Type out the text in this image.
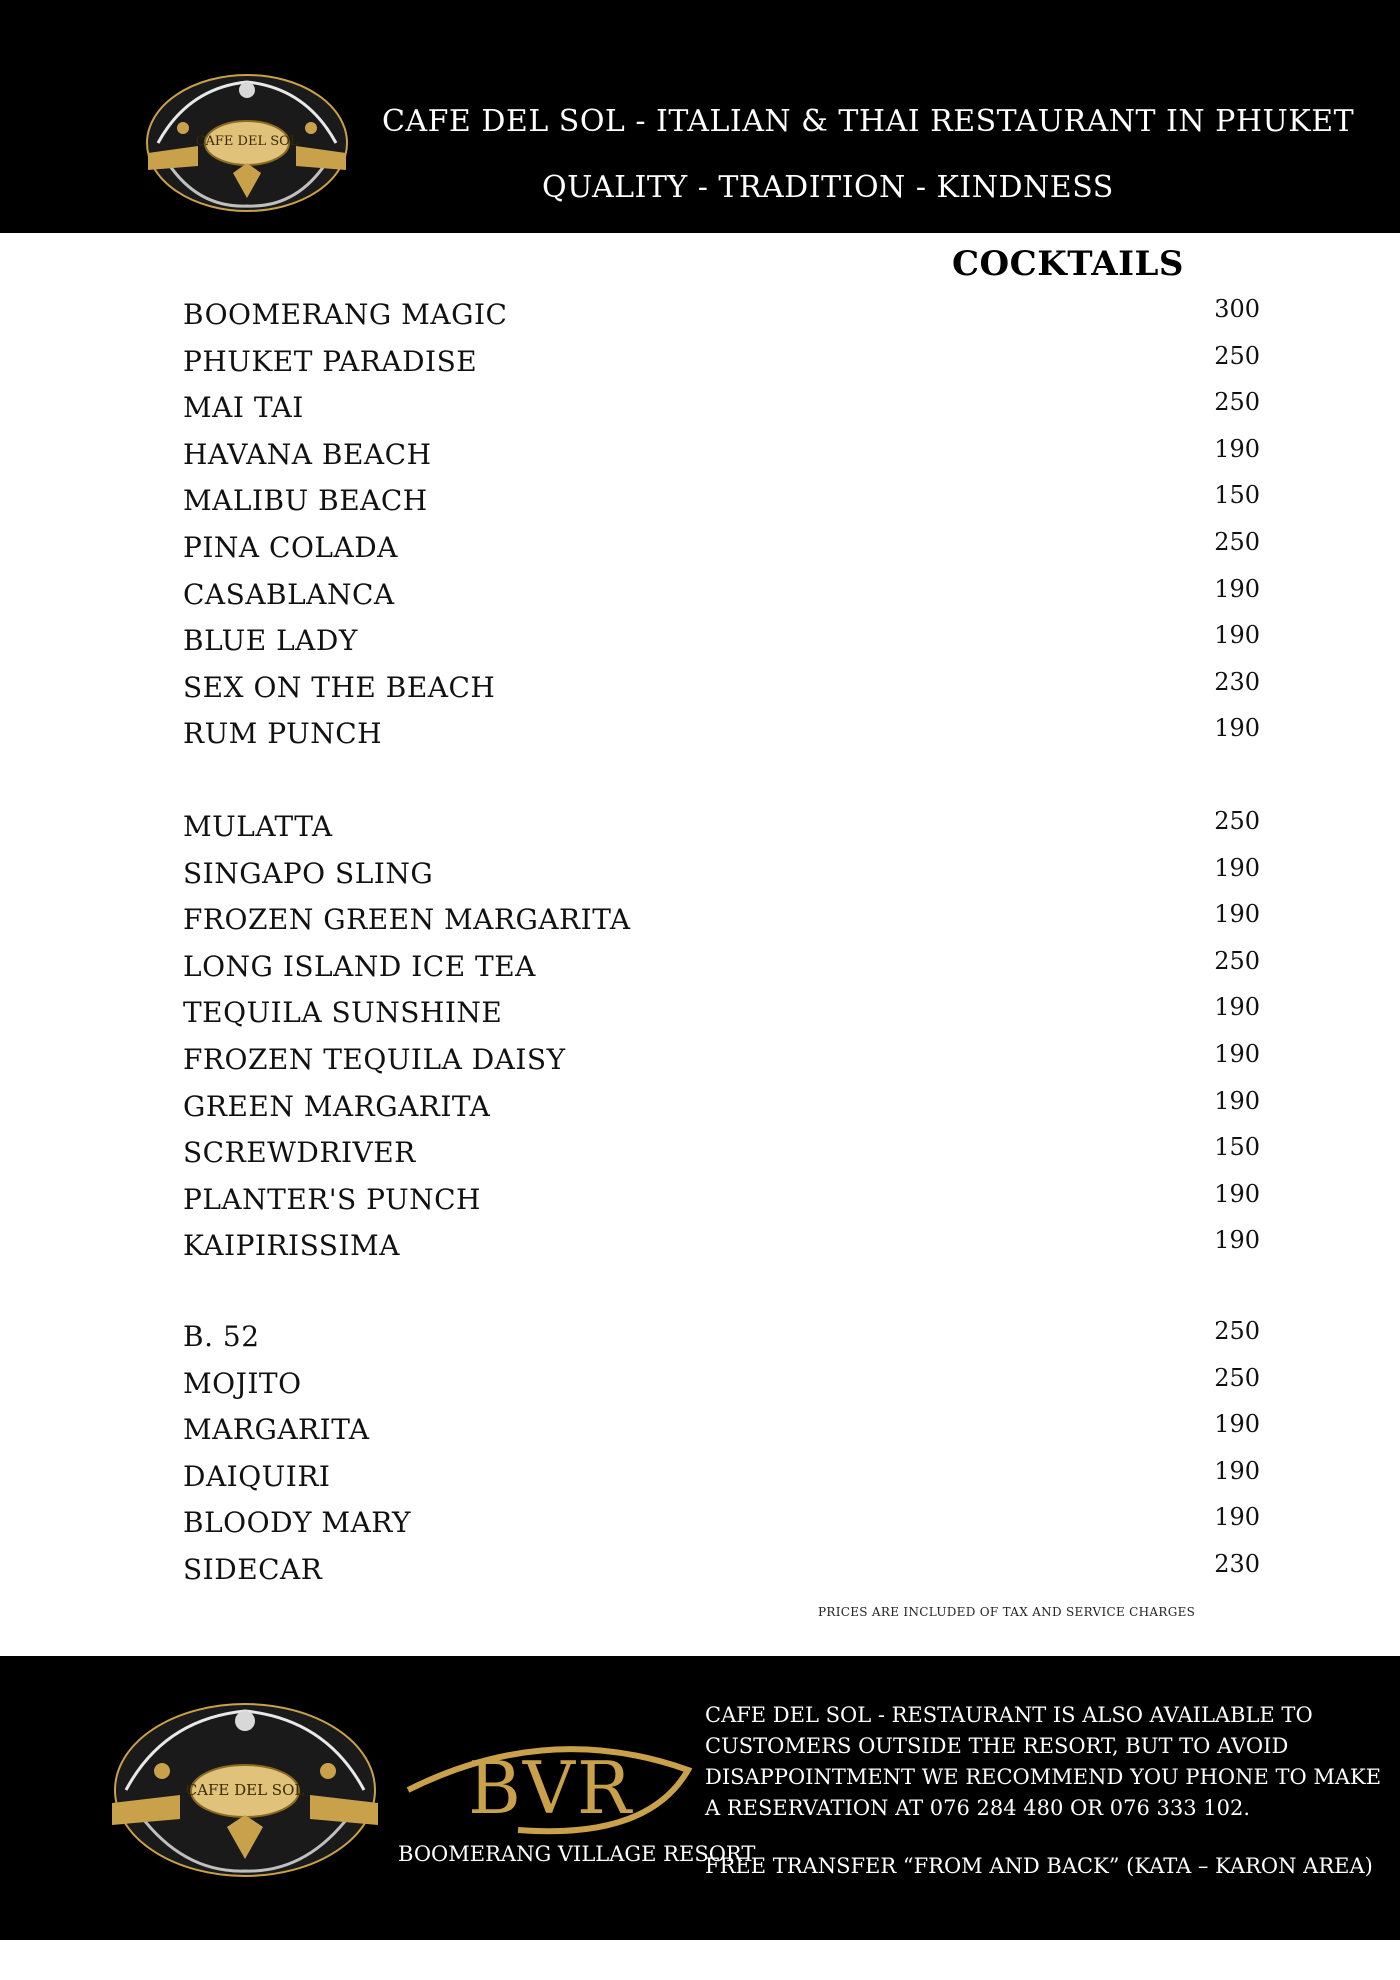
CAFE DEL SOL
CAFE DEL SOL - ITALIAN & THAI RESTAURANT IN PHUKET
QUALITY - TRADITION - KINDNESS
COCKTAILS
BOOMERANG MAGIC	300
PHUKET PARADISE	250
MAI TAI	250
HAVANA BEACH	190
MALIBU BEACH	150
PINA COLADA	250
CASABLANCA	190
BLUE LADY	190
SEX ON THE BEACH	230
RUM PUNCH	190
MULATTA	250
SINGAPO SLING	190
FROZEN GREEN MARGARITA	190
LONG ISLAND ICE TEA	250
TEQUILA SUNSHINE	190
FROZEN TEQUILA DAISY	190
GREEN MARGARITA	190
SCREWDRIVER	150
PLANTER'S PUNCH	190
KAIPIRISSIMA	190
B. 52	250
MOJITO	250
MARGARITA	190
DAIQUIRI	190
BLOODY MARY	190
SIDECAR	230
PRICES ARE INCLUDED OF TAX AND SERVICE CHARGES
CAFE DEL SOL	BVR
BOOMERANG VILLAGE RESORT
CAFE DEL SOL - RESTAURANT IS ALSO AVAILABLE TO CUSTOMERS OUTSIDE THE RESORT, BUT TO AVOID DISAPPOINTMENT WE RECOMMEND YOU PHONE TO MAKE A RESERVATION AT 076 284 480 OR 076 333 102.
FREE TRANSFER “FROM AND BACK” (KATA – KARON AREA)
